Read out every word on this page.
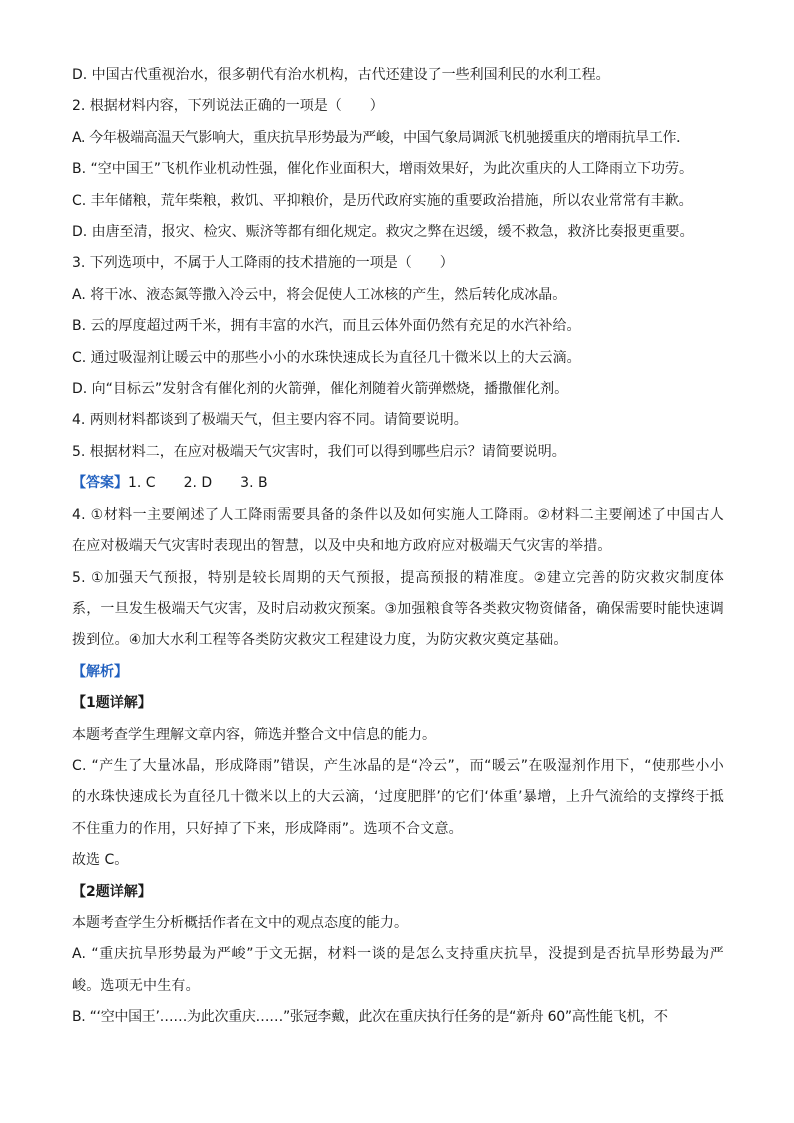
D. 中国古代重视治水，很多朝代有治水机构，古代还建设了一些利国利民的水利工程。

2. 根据材料内容，下列说法正确的一项是（　　）

A. 今年极端高温天气影响大，重庆抗旱形势最为严峻，中国气象局调派飞机驰援重庆的增雨抗旱工作．

B. “空中国王”飞机作业机动性强，催化作业面积大，增雨效果好，为此次重庆的人工降雨立下功劳。

C. 丰年储粮，荒年柴粮，救饥、平抑粮价，是历代政府实施的重要政治措施，所以农业常常有丰歉。

D. 由唐至清，报灾、检灾、赈济等都有细化规定。救灾之弊在迟缓，缓不救急，救济比奏报更重要。

3. 下列选项中，不属于人工降雨的技术措施的一项是（　　）

A. 将干冰、液态氮等撒入冷云中，将会促使人工冰核的产生，然后转化成冰晶。

B. 云的厚度超过两千米，拥有丰富的水汽，而且云体外面仍然有充足的水汽补给。

C. 通过吸湿剂让暖云中的那些小小的水珠快速成长为直径几十微米以上的大云滴。

D. 向“目标云”发射含有催化剂的火箭弹，催化剂随着火箭弹燃烧，播撒催化剂。

4. 两则材料都谈到了极端天气，但主要内容不同。请简要说明。

5. 根据材料二，在应对极端天气灾害时，我们可以得到哪些启示？请简要说明。

【答案】1. C　　2. D　　3. B

4. ①材料一主要阐述了人工降雨需要具备的条件以及如何实施人工降雨。②材料二主要阐述了中国古人在应对极端天气灾害时表现出的智慧，以及中央和地方政府应对极端天气灾害的举措。

5. ①加强天气预报，特别是较长周期的天气预报，提高预报的精准度。②建立完善的防灾救灾制度体系，一旦发生极端天气灾害，及时启动救灾预案。③加强粮食等各类救灾物资储备，确保需要时能快速调拨到位。④加大水利工程等各类防灾救灾工程建设力度，为防灾救灾奠定基础。

【解析】

【1题详解】

本题考查学生理解文章内容，筛选并整合文中信息的能力。

C. “产生了大量冰晶，形成降雨”错误，产生冰晶的是“冷云”，而“暖云”在吸湿剂作用下，“使那些小小的水珠快速成长为直径几十微米以上的大云滴，‘过度肥胖’的它们‘体重’暴增，上升气流给的支撑终于抵不住重力的作用，只好掉了下来，形成降雨”。选项不合文意。

故选 C。

【2题详解】

本题考查学生分析概括作者在文中的观点态度的能力。

A. “重庆抗旱形势最为严峻”于文无据，材料一谈的是怎么支持重庆抗旱，没提到是否抗旱形势最为严峻。选项无中生有。

B. “‘空中国王’……为此次重庆……”张冠李戴，此次在重庆执行任务的是“新舟 60”高性能飞机，不
